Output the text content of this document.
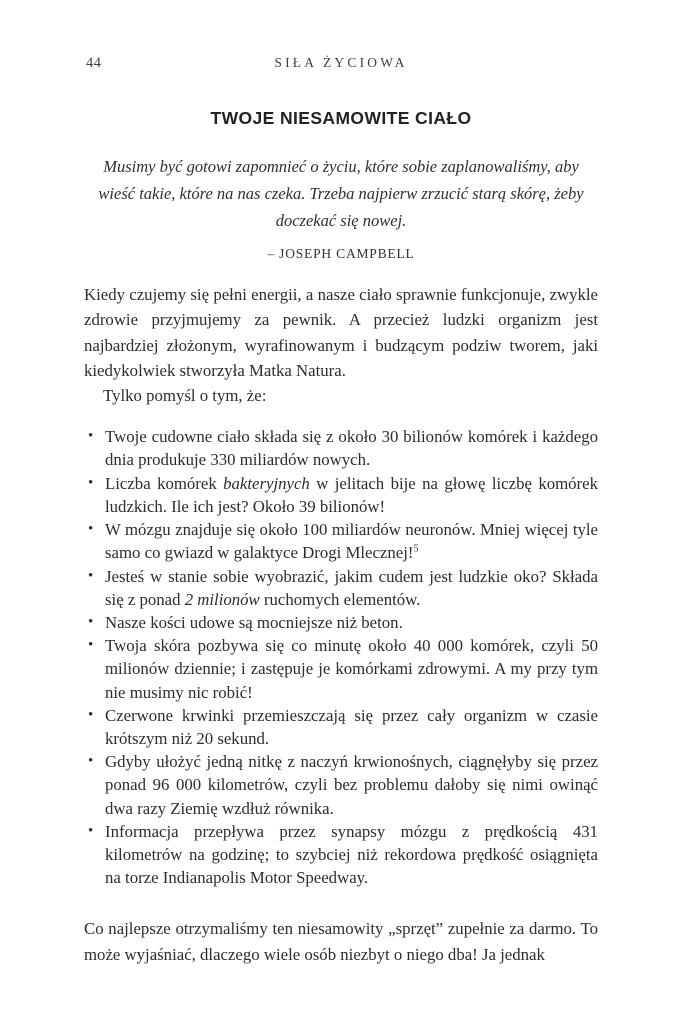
44	SIŁA ŻYCIOWA
TWOJE NIESAMOWITE CIAŁO
Musimy być gotowi zapomnieć o życiu, które sobie zaplanowaliśmy, aby wieść takie, które na nas czeka. Trzeba najpierw zrzucić starą skórę, żeby doczekać się nowej.
– JOSEPH CAMPBELL

Kiedy czujemy się pełni energii, a nasze ciało sprawnie funkcjonuje, zwykle zdrowie przyjmujemy za pewnik. A przecież ludzki organizm jest najbardziej złożonym, wyrafinowanym i budzącym podziw tworem, jaki kiedykolwiek stworzyła Matka Natura.

Tylko pomyśl o tym, że:

• Twoje cudowne ciało składa się z około 30 bilionów komórek i każdego dnia produkuje 330 miliardów nowych.
• Liczba komórek bakteryjnych w jelitach bije na głowę liczbę komórek ludzkich. Ile ich jest? Około 39 bilionów!
• W mózgu znajduje się około 100 miliardów neuronów. Mniej więcej tyle samo co gwiazd w galaktyce Drogi Mlecznej!$^5$
• Jesteś w stanie sobie wyobrazić, jakim cudem jest ludzkie oko? Składa się z ponad 2 milionów ruchomych elementów.
• Nasze kości udowe są mocniejsze niż beton.
• Twoja skóra pozbywa się co minutę około 40 000 komórek, czyli 50 milionów dziennie; i zastępuje je komórkami zdrowymi. A my przy tym nie musimy nic robić!
• Czerwone krwinki przemieszczają się przez cały organizm w czasie krótszym niż 20 sekund.
• Gdyby ułożyć jedną nitkę z naczyń krwionośnych, ciągnęłyby się przez ponad 96 000 kilometrów, czyli bez problemu dałoby się nimi owinąć dwa razy Ziemię wzdłuż równika.
• Informacja przepływa przez synapsy mózgu z prędkością 431 kilometrów na godzinę; to szybciej niż rekordowa prędkość osiągnięta na torze Indianapolis Motor Speedway.

Co najlepsze otrzymaliśmy ten niesamowity „sprzęt” zupełnie za darmo. To może wyjaśniać, dlaczego wiele osób niezbyt o niego dba! Ja jednak
